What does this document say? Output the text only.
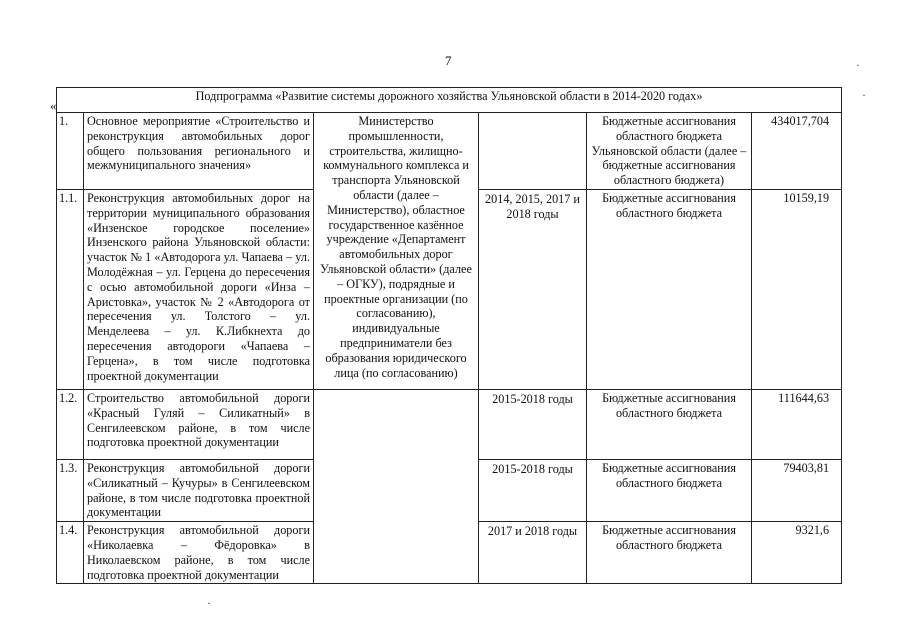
7
«
·
·
·
Подпрограмма «Развитие системы дорожного хозяйства Ульяновской области в 2014-2020 годах»					
1.	Основное мероприятие «Строительство и реконструкция автомобильных дорог общего пользования регионального и межмуниципального значения»	Министерство промышленности, строительства, жилищно-коммунального комплекса и транспорта Ульяновской области (далее – Министерство), областное государственное казённое учреждение «Департамент автомобильных дорог Ульяновской области» (далее – ОГКУ), подрядные и проектные организации (по согласованию), индивидуальные предприниматели без образования юридического лица (по согласованию)		Бюджетные ассигнования областного бюджета Ульяновской области (далее – бюджетные ассигнования областного бюджета)	434017,704
1.1.	Реконструкция автомобильных дорог на территории муниципального образования «Инзенское городское поселение» Инзенского района Ульяновской области: участок № 1 «Автодорога ул. Чапаева – ул. Молодёжная – ул. Герцена до пересечения с осью автомобильной дороги «Инза – Аристовка», участок № 2 «Автодорога от пересечения ул. Толстого – ул. Менделеева – ул. К.Либкнехта до пересечения автодороги «Чапаева – Герцена», в том числе подготовка проектной документации		2014, 2015, 2017 и 2018 годы	Бюджетные ассигнования областного бюджета	10159,19
1.2.	Строительство автомобильной дороги «Красный Гуляй – Силикатный» в Сенгилеевском районе, в том числе подготовка проектной документации		2015-2018 годы	Бюджетные ассигнования областного бюджета	111644,63
1.3.	Реконструкция автомобильной дороги «Силикатный – Кучуры» в Сенгилеевском районе, в том числе подготовка проектной документации		2015-2018 годы	Бюджетные ассигнования областного бюджета	79403,81
1.4.	Реконструкция автомобильной дороги «Николаевка – Фёдоровка» в Николаевском районе, в том числе подготовка проектной документации		2017 и 2018 годы	Бюджетные ассигнования областного бюджета	9321,6
